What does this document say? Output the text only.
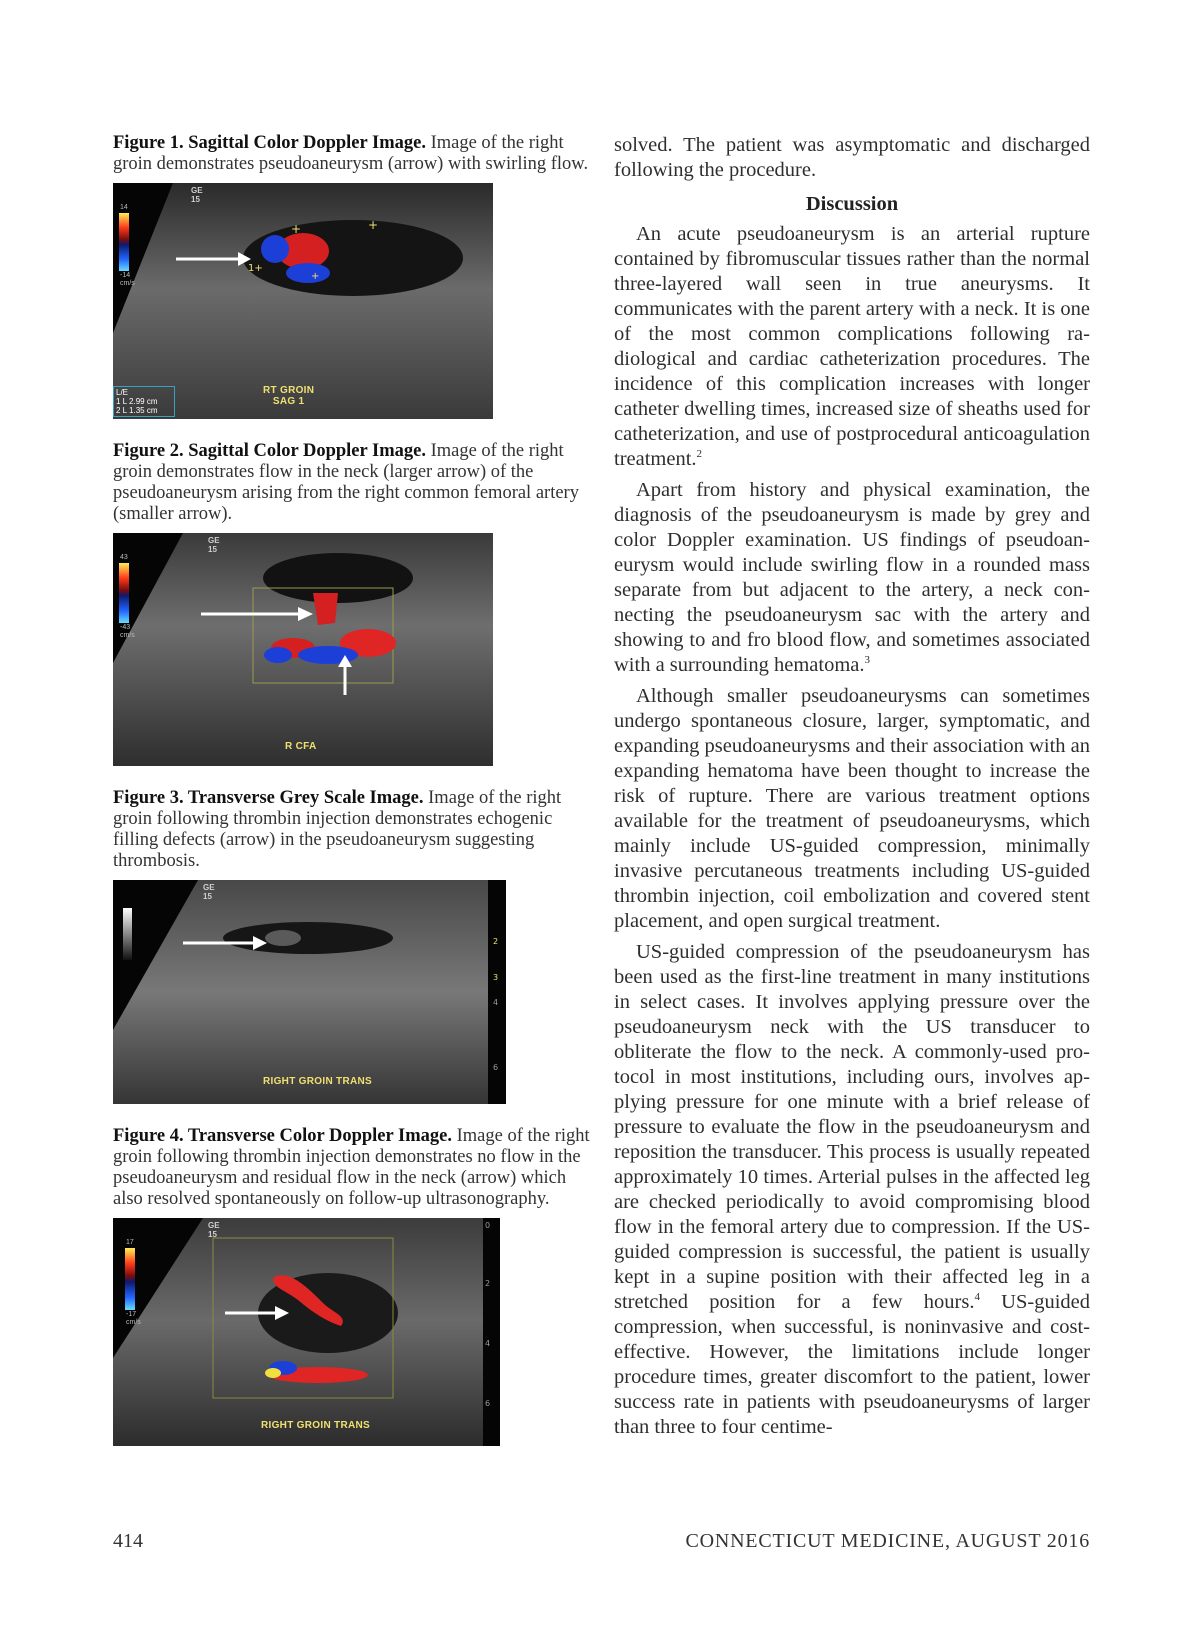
Figure 1. Sagittal Color Doppler Image. Image of the right groin demonstrates pseudoaneurysm (arrow) with swirling flow.

+	+
1+
+
GE
15
14
-14
cm/s
RT GROIN
SAG 1
L/E
1 L 2.99 cm
2 L 1.35 cm

Figure 2. Sagittal Color Doppler Image. Image of the right groin demonstrates flow in the neck (larger arrow) of the pseudoaneurysm arising from the right common femoral artery (smaller arrow).

GE
15
43
-43
cm/s
R CFA

Figure 3. Transverse Grey Scale Image. Image of the right groin following thrombin injection demonstrates echogenic filling defects (arrow) in the pseudoaneurysm suggesting thrombosis.

2
3
4
6
GE
15
RIGHT GROIN TRANS

Figure 4. Transverse Color Doppler Image. Image of the right groin following thrombin injection demonstrates no flow in the pseudoaneurysm and residual flow in the neck (arrow) which also resolved spontaneously on follow-up ultrasonography.

0
2
4
6
GE
15
17
-17
cm/s
RIGHT GROIN TRANS

solved. The patient was asymptomatic and discharged following the procedure.

Discussion

An acute pseudoaneurysm is an arterial rupture contained by fibromuscular tissues rather than the normal three-layered wall seen in true aneurysms. It communicates with the parent artery with a neck. It is one of the most common complications following radiological and cardiac catheterization procedures. The incidence of this complication increases with longer catheter dwelling times, increased size of sheaths used for catheterization, and use of postprocedural anticoagulation treatment.$^2$

Apart from history and physical examination, the diagnosis of the pseudoaneurysm is made by grey and color Doppler examination. US findings of pseudoaneurysm would include swirling flow in a rounded mass separate from but adjacent to the artery, a neck connecting the pseudoaneurysm sac with the artery and showing to and fro blood flow, and sometimes associated with a surrounding hematoma.$^3$

Although smaller pseudoaneurysms can sometimes undergo spontaneous closure, larger, symptomatic, and expanding pseudoaneurysms and their association with an expanding hematoma have been thought to increase the risk of rupture. There are various treatment options available for the treatment of pseudoaneurysms, which mainly include US-guided compression, minimally invasive percutaneous treatments including US-guided thrombin injection, coil embolization and covered stent placement, and open surgical treatment.

US-guided compression of the pseudoaneurysm has been used as the first-line treatment in many institutions in select cases. It involves applying pressure over the pseudoaneurysm neck with the US transducer to obliterate the flow to the neck. A commonly-used protocol in most institutions, including ours, involves applying pressure for one minute with a brief release of pressure to evaluate the flow in the pseudoaneurysm and reposition the transducer. This process is usually repeated approximately 10 times. Arterial pulses in the affected leg are checked periodically to avoid compromising blood flow in the femoral artery due to compression. If the US-guided compression is successful, the patient is usually kept in a supine position with their affected leg in a stretched position for a few hours.$^4$ US-guided compression, when successful, is noninvasive and cost-effective. However, the limitations include longer procedure times, greater discomfort to the patient, lower success rate in patients with pseudoaneurysms of larger than three to four centime-

414	CONNECTICUT MEDICINE, AUGUST 2016
